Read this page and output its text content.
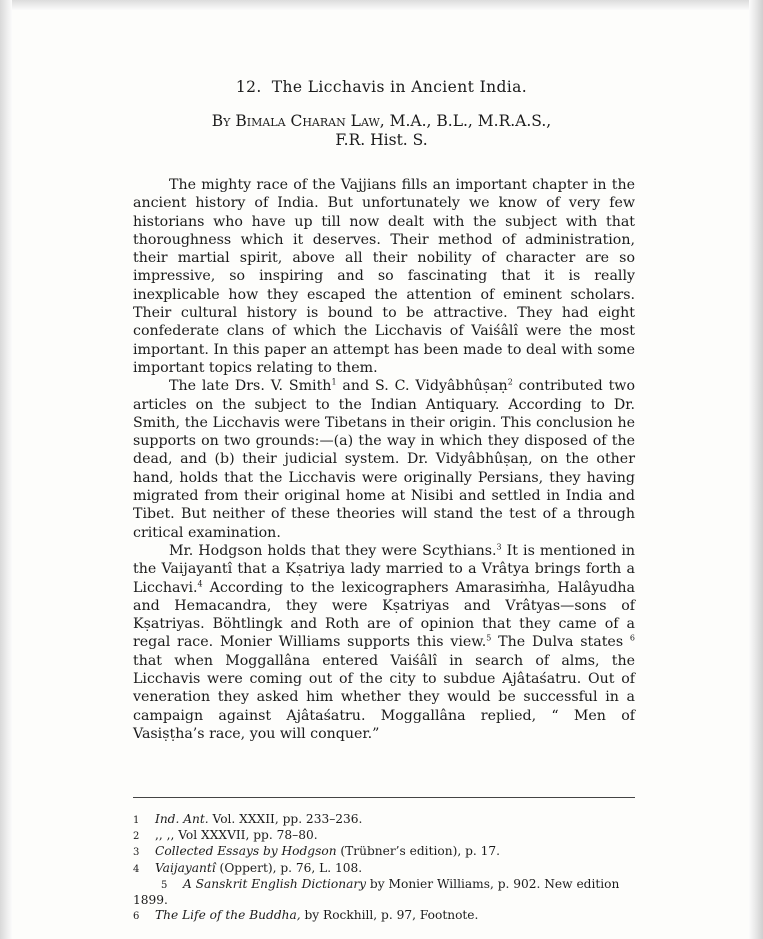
12. The Licchavis in Ancient India.
By Bimala Charan Law, M.A., B.L., M.R.A.S.,
F.R. Hist. S.

The mighty race of the Vajjians fills an important chapter in the ancient history of India. But unfortunately we know of very few historians who have up till now dealt with the subject with that thoroughness which it deserves. Their method of administration, their martial spirit, above all their nobility of character are so impressive, so inspiring and so fascinating that it is really inexplicable how they escaped the attention of eminent scholars. Their cultural history is bound to be attractive. They had eight confederate clans of which the Licchavis of Vaiśâlî were the most important. In this paper an attempt has been made to deal with some important topics relating to them.

The late Drs. V. Smith$^1$ and S. C. Vidyâbhûṣaṇ$^2$ contributed two articles on the subject to the Indian Antiquary. According to Dr. Smith, the Licchavis were Tibetans in their origin. This conclusion he supports on two grounds:—(a) the way in which they disposed of the dead, and (b) their judicial system. Dr. Vidyâbhûṣaṇ, on the other hand, holds that the Licchavis were originally Persians, they having migrated from their original home at Nisibi and settled in India and Tibet. But neither of these theories will stand the test of a through critical examination.

Mr. Hodgson holds that they were Scythians.$^3$ It is mentioned in the Vaijayantî that a Kṣatriya lady married to a Vrâtya brings forth a Licchavi.$^4$ According to the lexicographers Amarasiṁha, Halâyudha and Hemacandra, they were Kṣatriyas and Vrâtyas—sons of Kṣatriyas. Böhtlingk and Roth are of opinion that they came of a regal race. Monier Williams supports this view.$^5$ The Dulva states $^6$ that when Moggallâna entered Vaiśâlî in search of alms, the Licchavis were coming out of the city to subdue Ajâtaśatru. Out of veneration they asked him whether they would be successful in a campaign against Ajâtaśatru. Moggallâna replied, “ Men of Vasiṣṭha’s race, you will conquer.”

1 Ind. Ant. Vol. XXXII, pp. 233–236.

2 ,, ,, Vol XXXVII, pp. 78–80.

3 Collected Essays by Hodgson (Trübner’s edition), p. 17.

4 Vaijayantî (Oppert), p. 76, L. 108.

5 A Sanskrit English Dictionary by Monier Williams, p. 902. New edition 1899.

6 The Life of the Buddha, by Rockhill, p. 97, Footnote.
